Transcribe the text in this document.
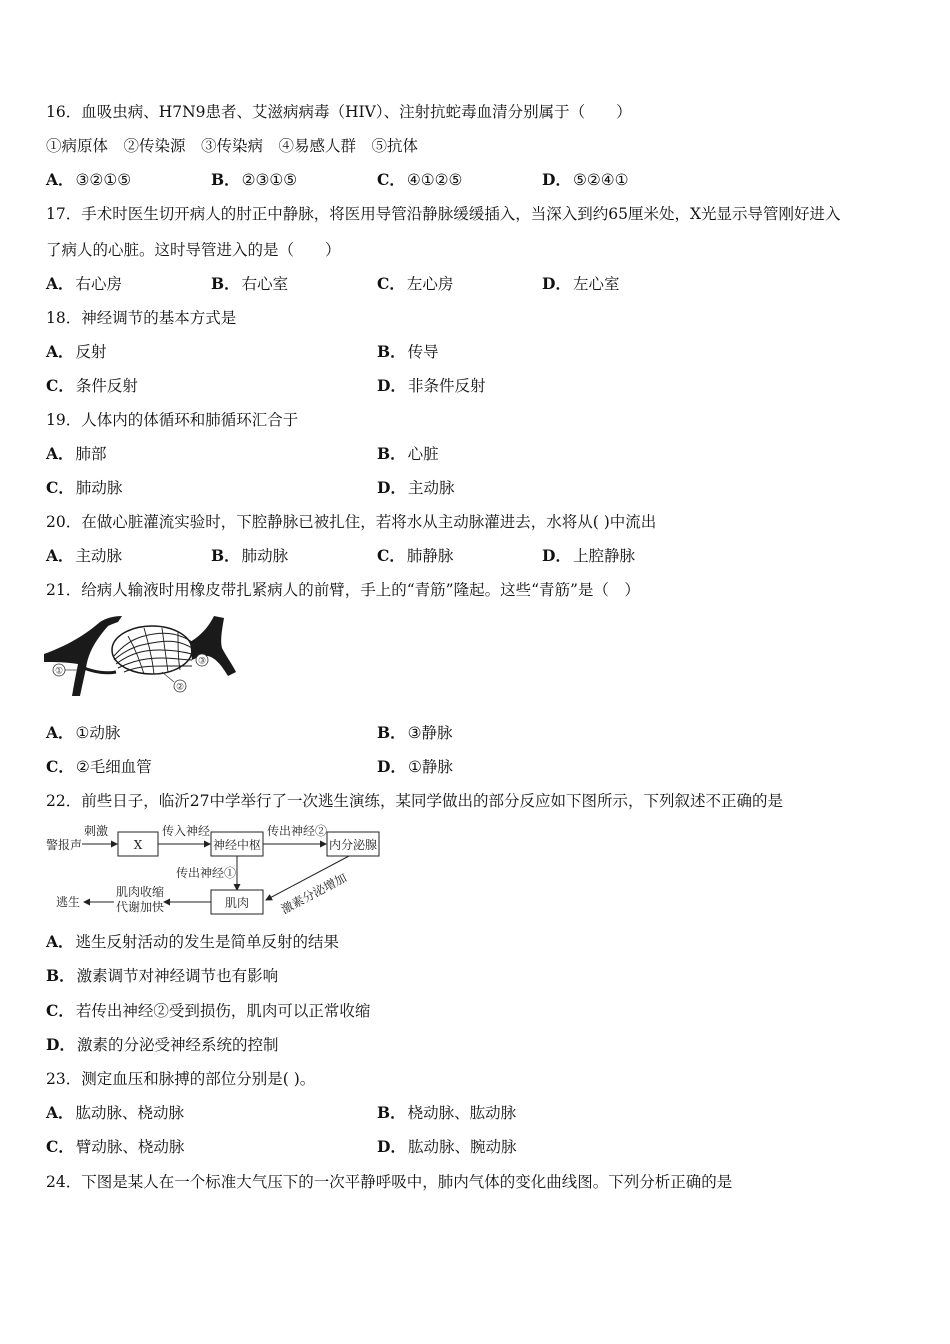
16．血吸虫病、H7N9患者、艾滋病病毒（HIV）、注射抗蛇毒血清分别属于（　　）
①病原体　②传染源　③传染病　④易感人群　⑤抗体
A． ③②①⑤	B． ②③①⑤	C． ④①②⑤	D． ⑤②④①
17．手术时医生切开病人的肘正中静脉，将医用导管沿静脉缓缓插入，当深入到约65厘米处，X光显示导管刚好进入
了病人的心脏。这时导管进入的是（　　）
A． 右心房	B． 右心室	C． 左心房	D． 左心室
18．神经调节的基本方式是
A． 反射	B． 传导
C． 条件反射	D． 非条件反射
19．人体内的体循环和肺循环汇合于
A． 肺部	B． 心脏
C． 肺动脉	D． 主动脉
20．在做心脏灌流实验时，下腔静脉已被扎住，若将水从主动脉灌进去，水将从( )中流出
A． 主动脉	B． 肺动脉	C． 肺静脉	D． 上腔静脉
21．给病人输液时用橡皮带扎紧病人的前臂，手上的“青筋”隆起。这些“青筋”是（　）
①
②
③
A． ①动脉	B． ③静脉
C． ②毛细血管	D． ①静脉
22．前些日子，临沂27中学举行了一次逃生演练，某同学做出的部分反应如下图所示，下列叙述不正确的是
警报声
刺激
X
传入神经
神经中枢
传出神经②
内分泌腺
传出神经①
肌肉
肌肉收缩
代谢加快
逃生	激素分泌增加
A． 逃生反射活动的发生是简单反射的结果
B． 激素调节对神经调节也有影响
C． 若传出神经②受到损伤，肌肉可以正常收缩
D． 激素的分泌受神经系统的控制
23．测定血压和脉搏的部位分别是( )。
A． 肱动脉、桡动脉	B． 桡动脉、肱动脉
C． 臂动脉、桡动脉	D． 肱动脉、腕动脉
24．下图是某人在一个标准大气压下的一次平静呼吸中，肺内气体的变化曲线图。下列分析正确的是
